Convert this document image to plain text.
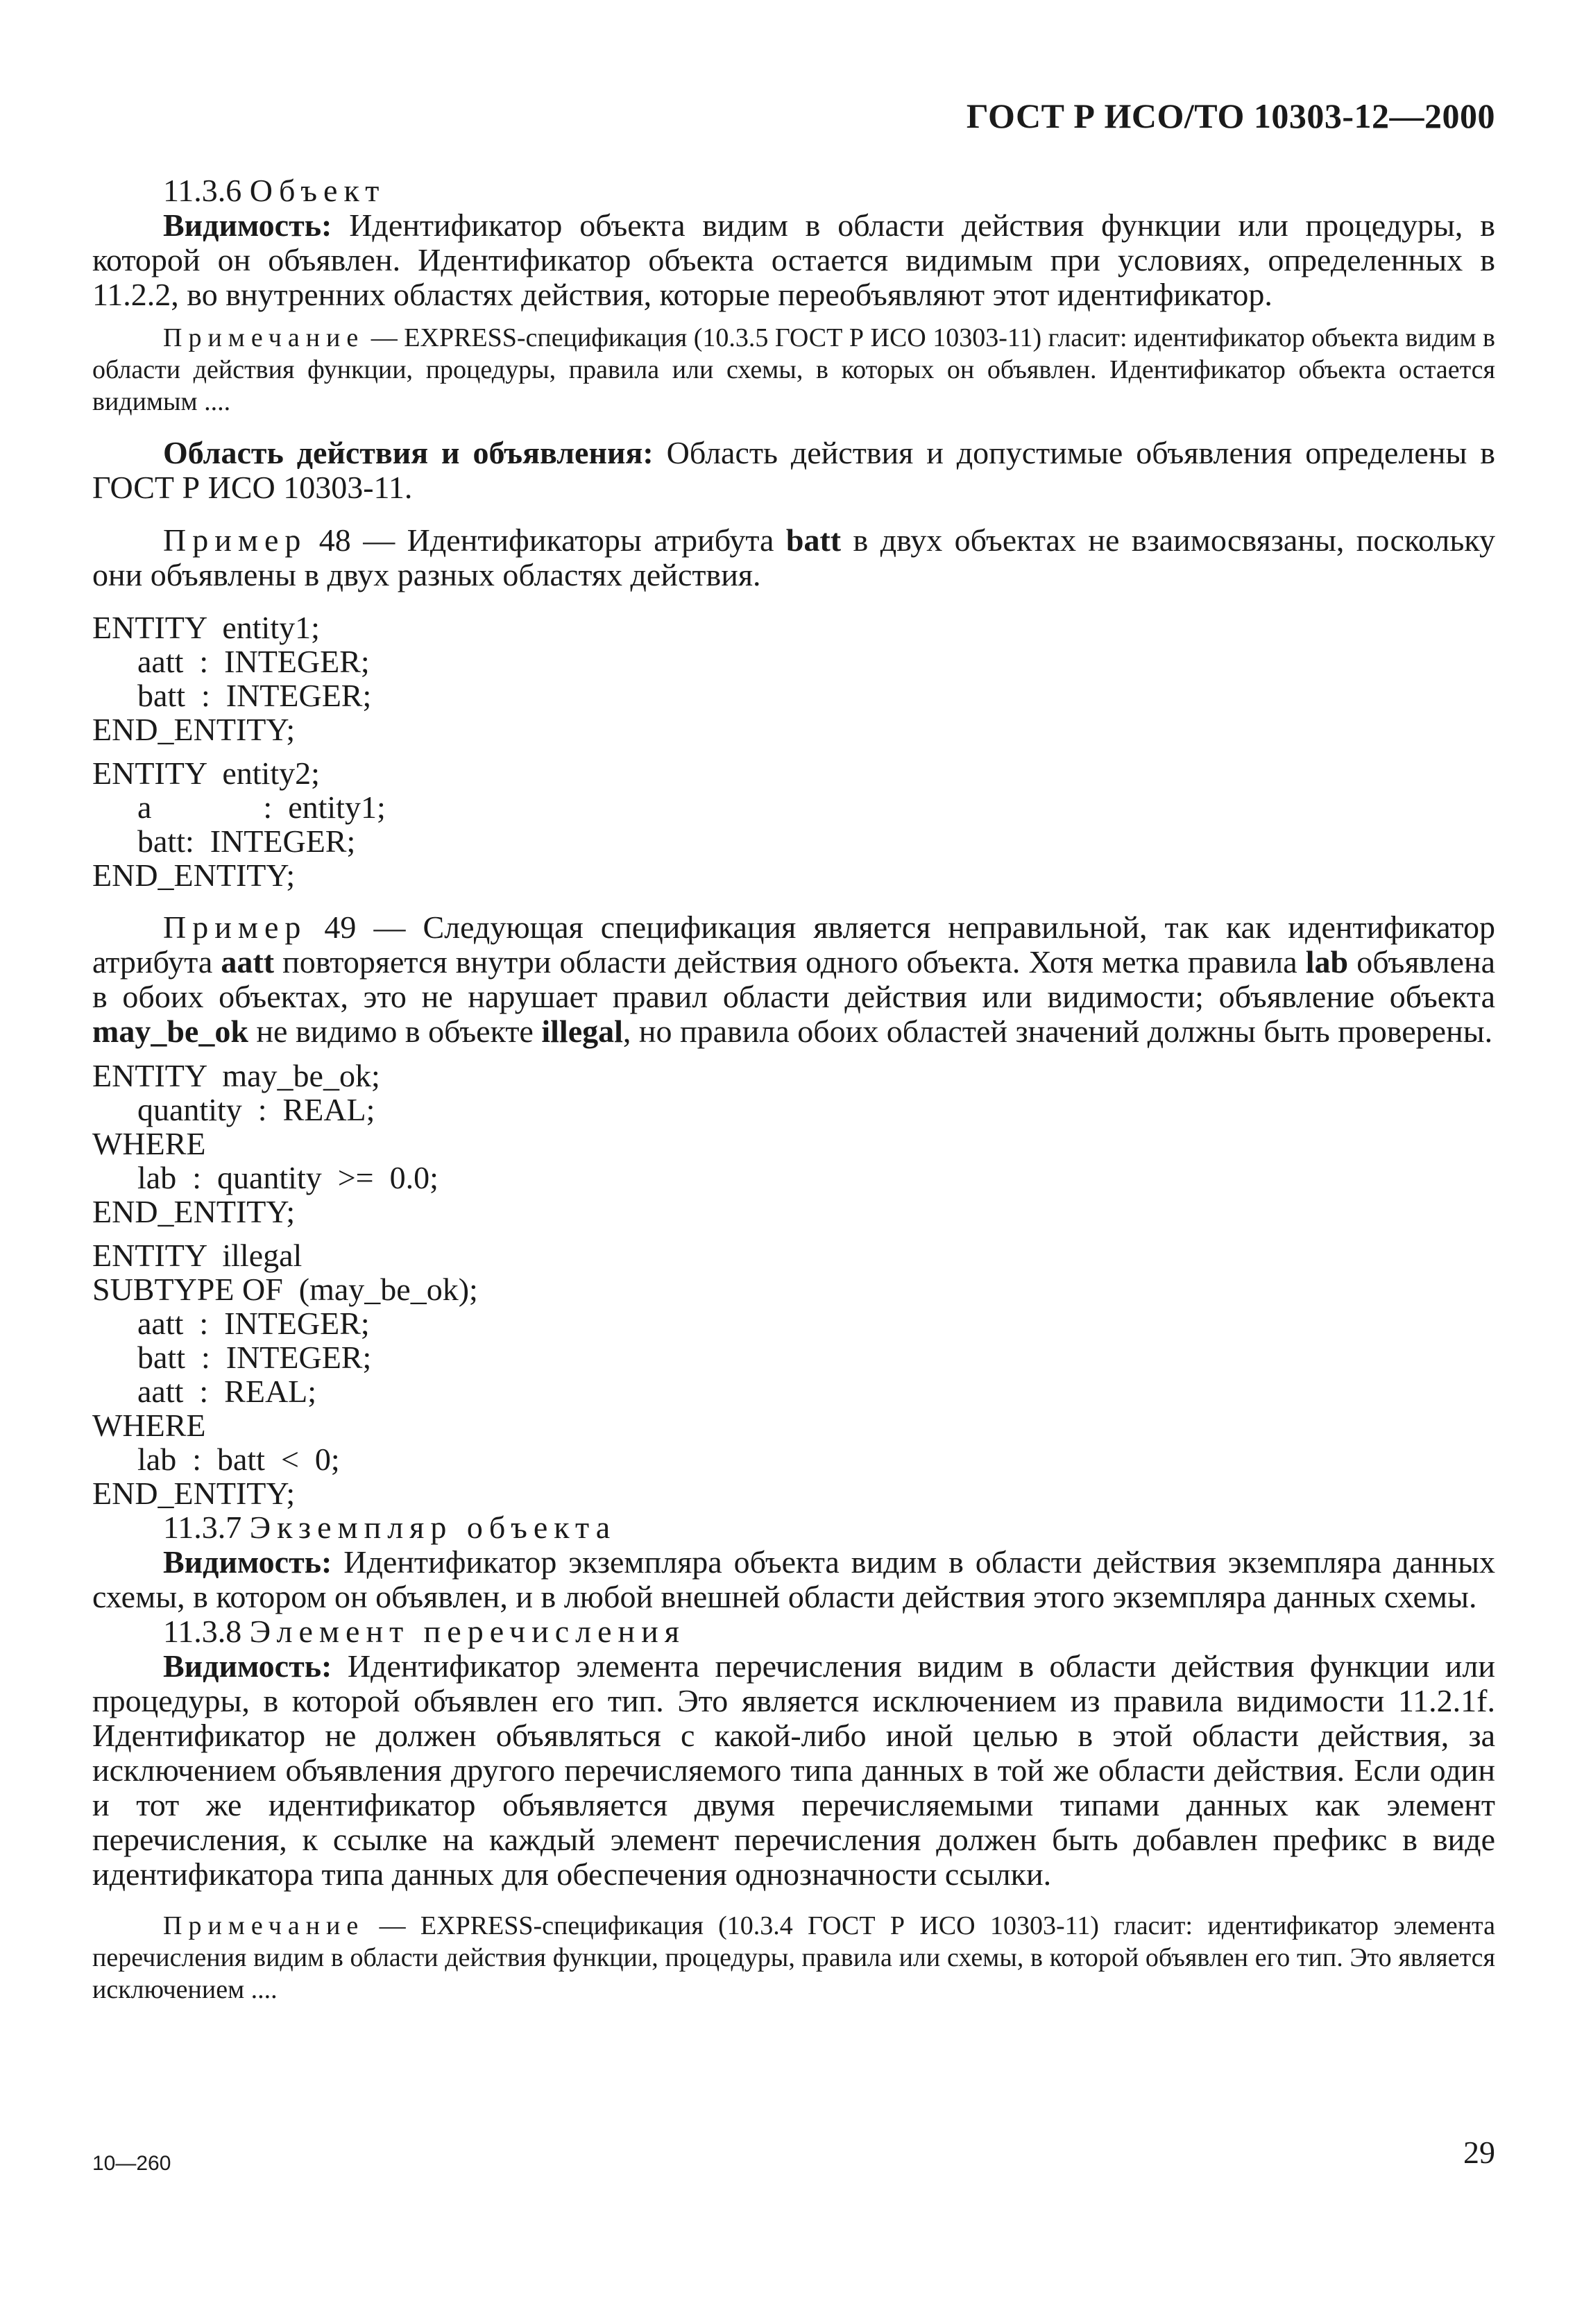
ГОСТ Р ИСО/ТО 10303-12—2000
11.3.6 Объект
Видимость: Идентификатор объекта видим в области действия функции или процедуры, в которой он объявлен. Идентификатор объекта остается видимым при условиях, определенных в 11.2.2, во внутренних областях действия, которые переобъявляют этот идентификатор.
Примечание — EXPRESS-спецификация (10.3.5 ГОСТ Р ИСО 10303-11) гласит: идентификатор объекта видим в области действия функции, процедуры, правила или схемы, в которых он объявлен. Идентификатор объекта остается видимым ....
Область действия и объявления: Область действия и допустимые объявления определены в ГОСТ Р ИСО 10303-11.
Пример 48 — Идентификаторы атрибута batt в двух объектах не взаимосвязаны, поскольку они объявлены в двух разных областях действия.
ENTITY  entity1;
aatt  :  INTEGER;
batt  :  INTEGER;
END_ENTITY;
ENTITY  entity2;
a              :  entity1;
batt:  INTEGER;
END_ENTITY;
Пример 49 — Следующая спецификация является неправильной, так как идентификатор атрибута aatt повторяется внутри области действия одного объекта. Хотя метка правила lab объявлена в обоих объектах, это не нарушает правил области действия или видимости; объявление объекта may_be_ok не видимо в объекте illegal, но правила обоих областей значений должны быть проверены.
ENTITY  may_be_ok;
quantity  :  REAL;
WHERE
lab  :  quantity  >=  0.0;
END_ENTITY;
ENTITY  illegal
SUBTYPE OF  (may_be_ok);
aatt  :  INTEGER;
batt  :  INTEGER;
aatt  :  REAL;
WHERE
lab  :  batt  <  0;
END_ENTITY;
11.3.7 Экземпляр объекта
Видимость: Идентификатор экземпляра объекта видим в области действия экземпляра данных схемы, в котором он объявлен, и в любой внешней области действия этого экземпляра данных схемы.
11.3.8 Элемент перечисления
Видимость: Идентификатор элемента перечисления видим в области действия функции или процедуры, в которой объявлен его тип. Это является исключением из правила видимости 11.2.1f. Идентификатор не должен объявляться с какой-либо иной целью в этой области действия, за исключением объявления другого перечисляемого типа данных в той же области действия. Если один и тот же идентификатор объявляется двумя перечисляемыми типами данных как элемент перечисления, к ссылке на каждый элемент перечисления должен быть добавлен префикс в виде идентификатора типа данных для обеспечения однозначности ссылки.
Примечание — EXPRESS-спецификация (10.3.4 ГОСТ Р ИСО 10303-11) гласит: идентификатор элемента перечисления видим в области действия функции, процедуры, правила или схемы, в которой объявлен его тип. Это является исключением ....
10—260	29
